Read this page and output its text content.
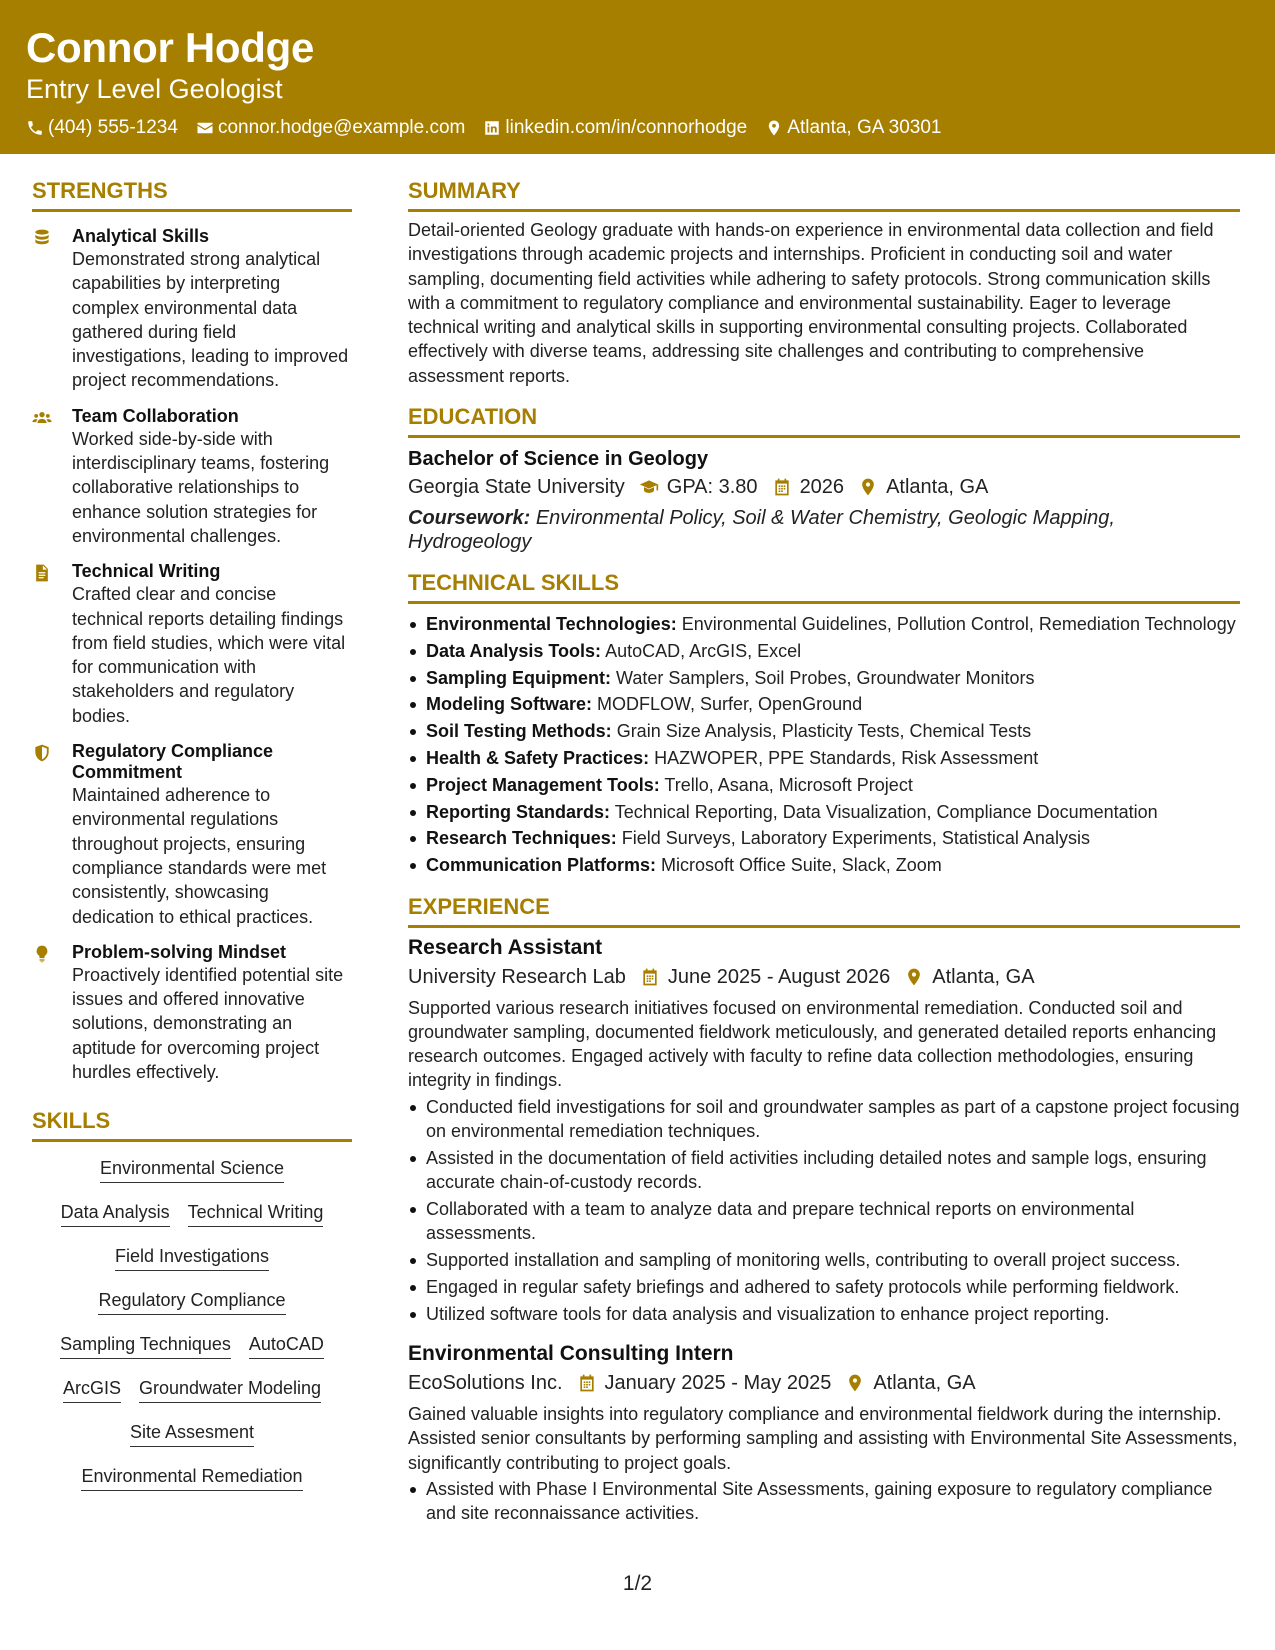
Connor Hodge
Entry Level Geologist
(404) 555-1234 connor.hodge@example.com linkedin.com/in/connorhodge Atlanta, GA 30301
STRENGTHS
Analytical Skills
Demonstrated strong analytical capabilities by interpreting complex environmental data gathered during field investigations, leading to improved project recommendations.
Team Collaboration
Worked side-by-side with interdisciplinary teams, fostering collaborative relationships to enhance solution strategies for environmental challenges.
Technical Writing
Crafted clear and concise technical reports detailing findings from field studies, which were vital for communication with stakeholders and regulatory bodies.
Regulatory Compliance Commitment
Maintained adherence to environmental regulations throughout projects, ensuring compliance standards were met consistently, showcasing dedication to ethical practices.
Problem-solving Mindset
Proactively identified potential site issues and offered innovative solutions, demonstrating an aptitude for overcoming project hurdles effectively.
SKILLS
Environmental Science
Data Analysis Technical Writing
Field Investigations
Regulatory Compliance
Sampling Techniques AutoCAD
ArcGIS Groundwater Modeling
Site Assesment
Environmental Remediation
SUMMARY
Detail-oriented Geology graduate with hands-on experience in environmental data collection and field investigations through academic projects and internships. Proficient in conducting soil and water sampling, documenting field activities while adhering to safety protocols. Strong communication skills with a commitment to regulatory compliance and environmental sustainability. Eager to leverage technical writing and analytical skills in supporting environmental consulting projects. Collaborated effectively with diverse teams, addressing site challenges and contributing to comprehensive assessment reports.
EDUCATION
Bachelor of Science in Geology
Georgia State University GPA: 3.80 2026 Atlanta, GA
Coursework: Environmental Policy, Soil & Water Chemistry, Geologic Mapping, Hydrogeology
TECHNICAL SKILLS
Environmental Technologies: Environmental Guidelines, Pollution Control, Remediation Technology
Data Analysis Tools: AutoCAD, ArcGIS, Excel
Sampling Equipment: Water Samplers, Soil Probes, Groundwater Monitors
Modeling Software: MODFLOW, Surfer, OpenGround
Soil Testing Methods: Grain Size Analysis, Plasticity Tests, Chemical Tests
Health & Safety Practices: HAZWOPER, PPE Standards, Risk Assessment
Project Management Tools: Trello, Asana, Microsoft Project
Reporting Standards: Technical Reporting, Data Visualization, Compliance Documentation
Research Techniques: Field Surveys, Laboratory Experiments, Statistical Analysis
Communication Platforms: Microsoft Office Suite, Slack, Zoom
EXPERIENCE
Research Assistant
University Research Lab June 2025 - August 2026 Atlanta, GA
Supported various research initiatives focused on environmental remediation. Conducted soil and groundwater sampling, documented fieldwork meticulously, and generated detailed reports enhancing research outcomes. Engaged actively with faculty to refine data collection methodologies, ensuring integrity in findings.
Conducted field investigations for soil and groundwater samples as part of a capstone project focusing on environmental remediation techniques.
Assisted in the documentation of field activities including detailed notes and sample logs, ensuring accurate chain-of-custody records.
Collaborated with a team to analyze data and prepare technical reports on environmental assessments.
Supported installation and sampling of monitoring wells, contributing to overall project success.
Engaged in regular safety briefings and adhered to safety protocols while performing fieldwork.
Utilized software tools for data analysis and visualization to enhance project reporting.
Environmental Consulting Intern
EcoSolutions Inc. January 2025 - May 2025 Atlanta, GA
Gained valuable insights into regulatory compliance and environmental fieldwork during the internship. Assisted senior consultants by performing sampling and assisting with Environmental Site Assessments, significantly contributing to project goals.
Assisted with Phase I Environmental Site Assessments, gaining exposure to regulatory compliance and site reconnaissance activities.
1/2
